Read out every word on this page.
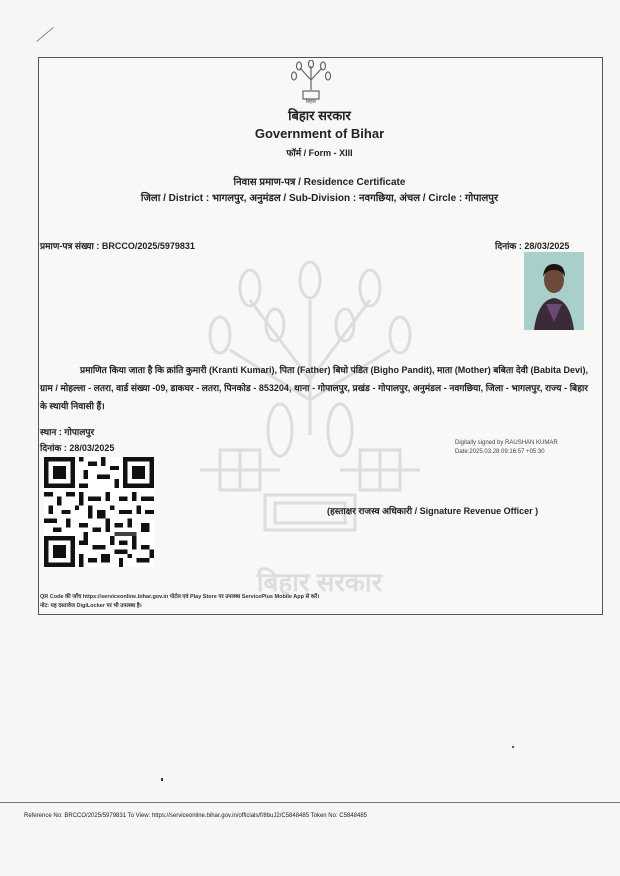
बिहार सरकार
बिहार
बिहार सरकार
Government of Bihar
फॉर्म / Form - XIII
निवास प्रमाण-पत्र / Residence Certificate
जिला / District : भागलपुर, अनुमंडल / Sub-Division : नवगछिया, अंचल / Circle : गोपालपुर
प्रमाण-पत्र संख्या : BRCCO/2025/5979831	दिनांक : 28/03/2025
प्रमाणित किया जाता है कि क्रांति कुमारी (Kranti Kumari), पिता (Father) बिघो पंडित (Bigho Pandit), माता (Mother) बबिता देवी (Babita Devi), ग्राम / मोहल्ला - लतरा, वार्ड संख्या -09, डाकघर - लतरा, पिनकोड - 853204, थाना - गोपालपुर, प्रखंड - गोपालपुर, अनुमंडल - नवगछिया, जिला - भागलपुर, राज्य - बिहार के स्थायी निवासी हैं।
स्थान : गोपालपुर
दिनांक : 28/03/2025	Digitally signed by RAUSHAN KUMAR
Date:2025.03.28 09:16:57 +05:30
(हस्ताक्षर राजस्व अधिकारी / Signature Revenue Officer )
QR Code की जाँच https://serviceonline.bihar.gov.in पोर्टल एवं Play Store पर उपलब्ध ServicePlus Mobile App से करें।
नोट: यह दस्तावेज DigiLocker पर भी उपलब्ध है।
Reference No: BRCCO/2025/5979831 To View: https://serviceonline.bihar.gov.in/officials/f/8buJ2/C5848485 Token No: C5848485
